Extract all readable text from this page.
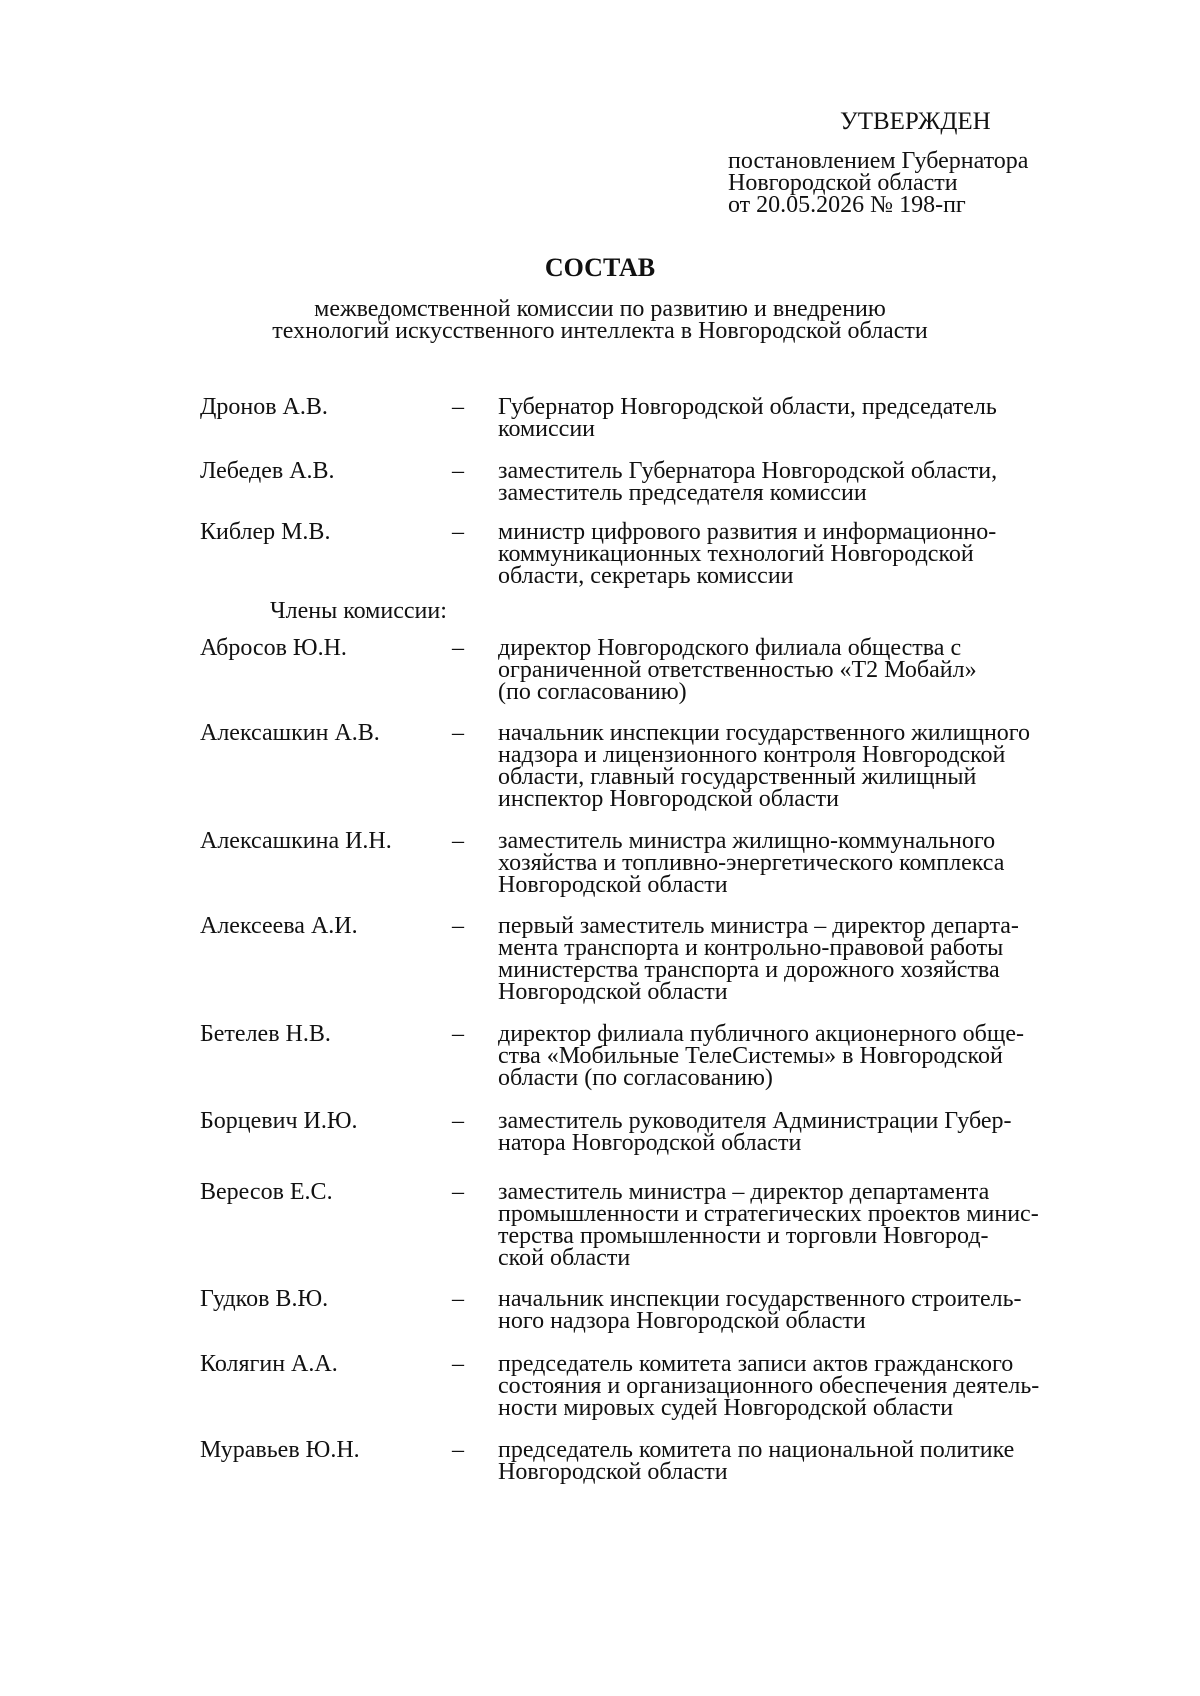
УТВЕРЖДЕН
постановлением Губернатора
Новгородской области
от 20.05.2026 № 198-пг
СОСТАВ
межведомственной комиссии по развитию и внедрению
технологий искусственного интеллекта в Новгородской области
Дронов А.В.	– Губернатор Новгородской области, председатель
комиссии
Лебедев А.В.	– заместитель Губернатора Новгородской области,
заместитель председателя комиссии
Киблер М.В.	– министр цифрового развития и информационно-
коммуникационных технологий Новгородской
области, секретарь комиссии
Члены комиссии:
Абросов Ю.Н.	– директор Новгородского филиала общества с
ограниченной ответственностью «Т2 Мобайл»
(по согласованию)
Алексашкин А.В.	– начальник инспекции государственного жилищного
надзора и лицензионного контроля Новгородской
области, главный государственный жилищный
инспектор Новгородской области
Алексашкина И.Н.	– заместитель министра жилищно-коммунального
хозяйства и топливно-энергетического комплекса
Новгородской области
Алексеева А.И.	– первый заместитель министра – директор департа-
мента транспорта и контрольно-правовой работы
министерства транспорта и дорожного хозяйства
Новгородской области
Бетелев Н.В.	– директор филиала публичного акционерного обще-
ства «Мобильные ТелеСистемы» в Новгородской
области (по согласованию)
Борцевич И.Ю.	– заместитель руководителя Администрации Губер-
натора Новгородской области
Вересов Е.С.	– заместитель министра – директор департамента
промышленности и стратегических проектов минис-
терства промышленности и торговли Новгород-
ской области
Гудков В.Ю.	– начальник инспекции государственного строитель-
ного надзора Новгородской области
Колягин А.А.	– председатель комитета записи актов гражданского
состояния и организационного обеспечения деятель-
ности мировых судей Новгородской области
Муравьев Ю.Н.	– председатель комитета по национальной политике
Новгородской области
